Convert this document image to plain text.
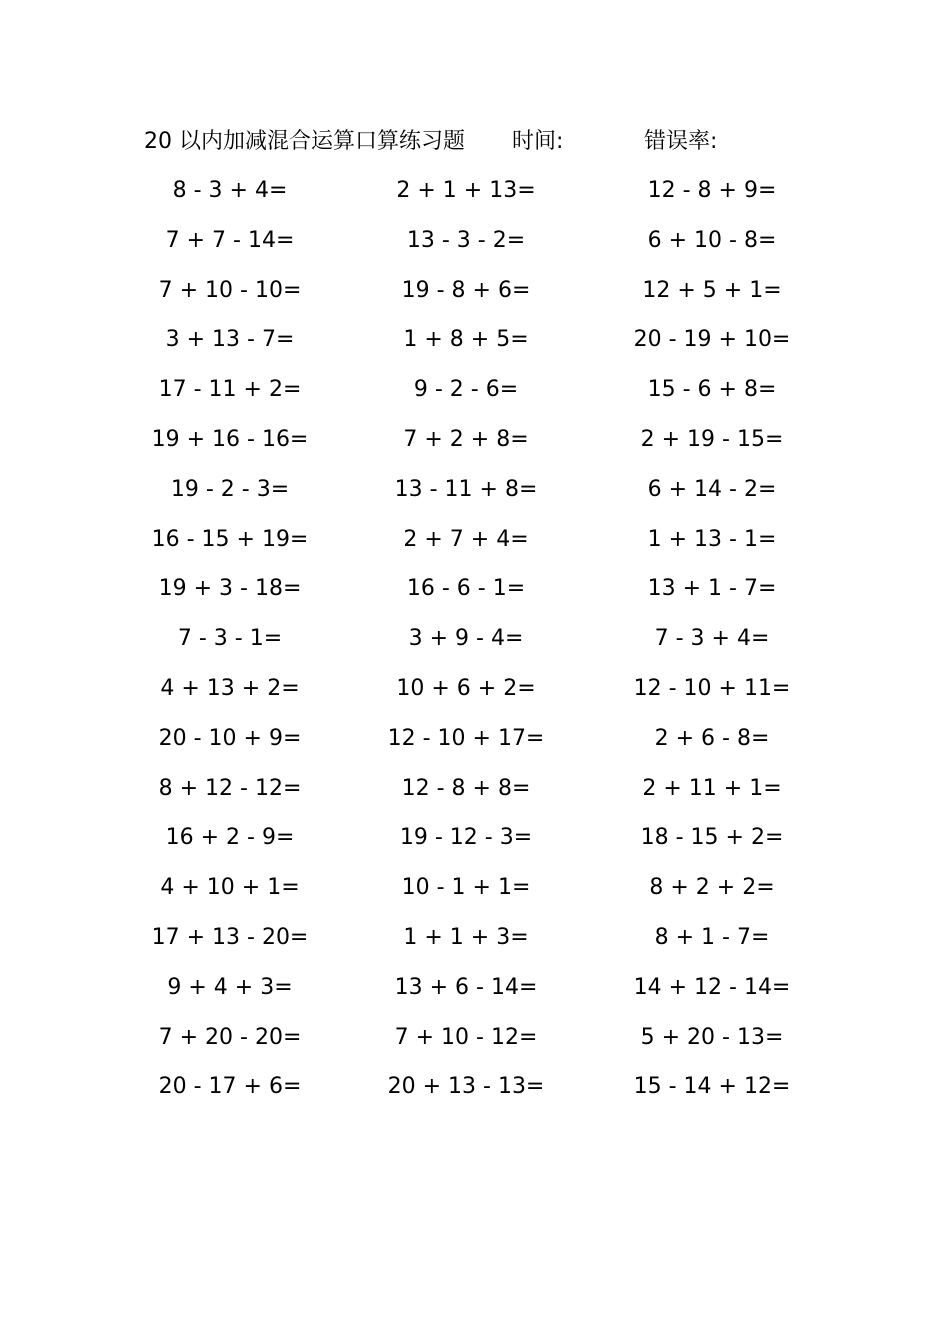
20 以内加减混合运算口算练习题 时间:	错误率:
8 - 3 + 4=	2 + 1 + 13=	12 - 8 + 9=
7 + 7 - 14=	13 - 3 - 2=	6 + 10 - 8=
7 + 10 - 10=	19 - 8 + 6=	12 + 5 + 1=
3 + 13 - 7=	1 + 8 + 5=	20 - 19 + 10=
17 - 11 + 2=	9 - 2 - 6=	15 - 6 + 8=
19 + 16 - 16=	7 + 2 + 8=	2 + 19 - 15=
19 - 2 - 3=	13 - 11 + 8=	6 + 14 - 2=
16 - 15 + 19=	2 + 7 + 4=	1 + 13 - 1=
19 + 3 - 18=	16 - 6 - 1=	13 + 1 - 7=
7 - 3 - 1=	3 + 9 - 4=	7 - 3 + 4=
4 + 13 + 2=	10 + 6 + 2=	12 - 10 + 11=
20 - 10 + 9=	12 - 10 + 17=	2 + 6 - 8=
8 + 12 - 12=	12 - 8 + 8=	2 + 11 + 1=
16 + 2 - 9=	19 - 12 - 3=	18 - 15 + 2=
4 + 10 + 1=	10 - 1 + 1=	8 + 2 + 2=
17 + 13 - 20=	1 + 1 + 3=	8 + 1 - 7=
9 + 4 + 3=	13 + 6 - 14=	14 + 12 - 14=
7 + 20 - 20=	7 + 10 - 12=	5 + 20 - 13=
20 - 17 + 6=	20 + 13 - 13=	15 - 14 + 12=
